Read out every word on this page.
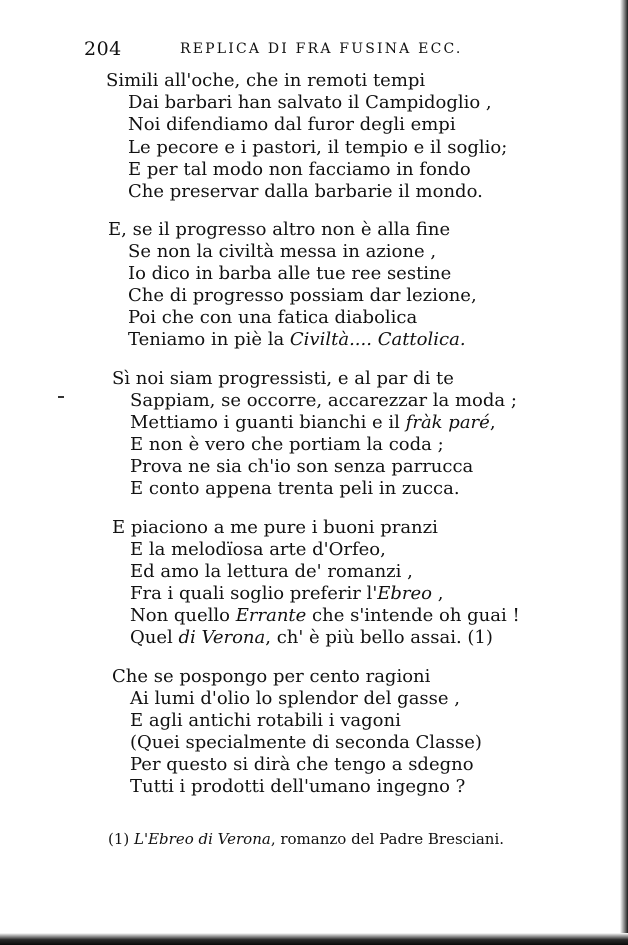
204	REPLICA DI FRA FUSINA ECC.
Simili all'oche, che in remoti tempi
Dai barbari han salvato il Campidoglio ,
Noi difendiamo dal furor degli empi
Le pecore e i pastori, il tempio e il soglio;
E per tal modo non facciamo in fondo
Che preservar dalla barbarie il mondo.
E, se il progresso altro non è alla fine
Se non la civiltà messa in azione ,
Io dico in barba alle tue ree sestine
Che di progresso possiam dar lezione,
Poi che con una fatica diabolica
Teniamo in piè la Civiltà.... Cattolica.
Sì noi siam progressisti, e al par di te
Sappiam, se occorre, accarezzar la moda ;
Mettiamo i guanti bianchi e il fràk paré,
E non è vero che portiam la coda ;
Prova ne sia ch'io son senza parrucca
E conto appena trenta peli in zucca.
E piaciono a me pure i buoni pranzi
E la melodïosa arte d'Orfeo,
Ed amo la lettura de' romanzi ,
Fra i quali soglio preferir l'Ebreo ,
Non quello Errante che s'intende oh guai !
Quel di Verona, ch' è più bello assai. (1)
Che se pospongo per cento ragioni
Ai lumi d'olio lo splendor del gasse ,
E agli antichi rotabili i vagoni
(Quei specialmente di seconda Classe)
Per questo si dirà che tengo a sdegno
Tutti i prodotti dell'umano ingegno ?
(1) L'Ebreo di Verona, romanzo del Padre Bresciani.
